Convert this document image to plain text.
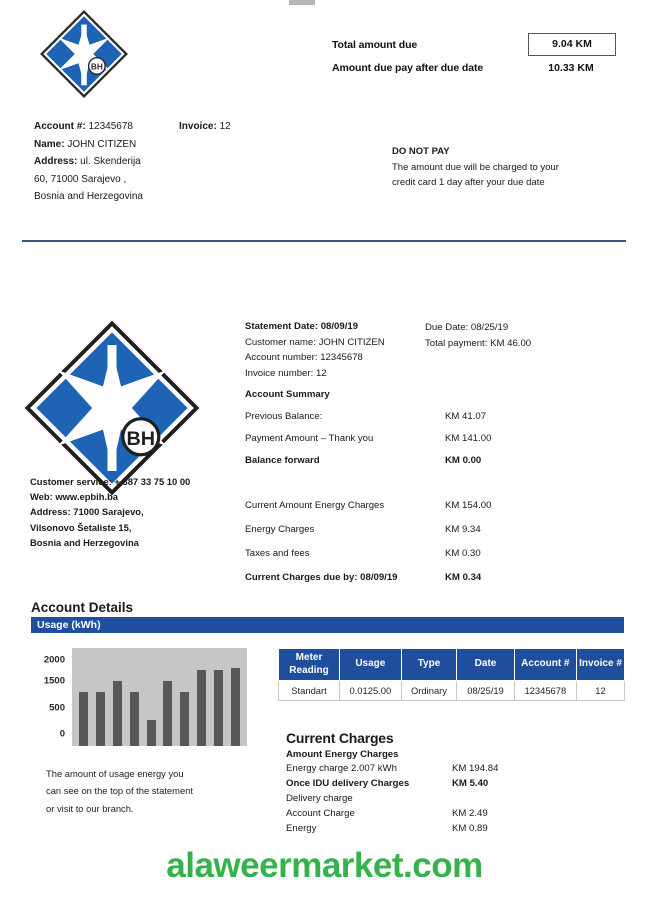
BH
Total amount due	9.04 KM
Amount due pay after due date	10.33 KM
Account #: 12345678	Invoice: 12
Name: JOHN CITIZEN
Address: ul. Skenderija
60, 71000 Sarajevo ,
Bosnia and Herzegovina
DO NOT PAY
The amount due will be charged to your
credit card 1 day after your due date
BH
Statement Date: 08/09/19
Customer name: JOHN CITIZEN
Account number: 12345678
Invoice number: 12
Due Date: 08/25/19
Total payment: KM 46.00
Account Summary
Previous Balance:	KM 41.07
Payment Amount – Thank you	KM 141.00
Balance forward	KM 0.00
Current Amount Energy Charges	KM 154.00
Energy Charges	KM 9.34
Taxes and fees	KM 0.30
Current Charges due by: 08/09/19	KM 0.34
Customer service: + 387 33 75 10 00
Web: www.epbih.ba
Address: 71000 Sarajevo,
Vilsonovo Šetaliste 15,
Bosnia and Herzegovina
Account Details
Usage (kWh)
2000
1500
500
0
The amount of usage energy you
can see on the top of the statement
or visit to our branch.
Meter Reading	Usage	Type	Date	Account #	Invoice #
Standart	0.0125.00	Ordinary	08/25/19	12345678	12
Current Charges
Amount Energy Charges
Energy charge 2.007 kWh	KM 194.84
Once IDU delivery Charges	KM 5.40
Delivery charge
Account Charge	KM 2.49
Energy	KM 0.89
alaweermarket.com
